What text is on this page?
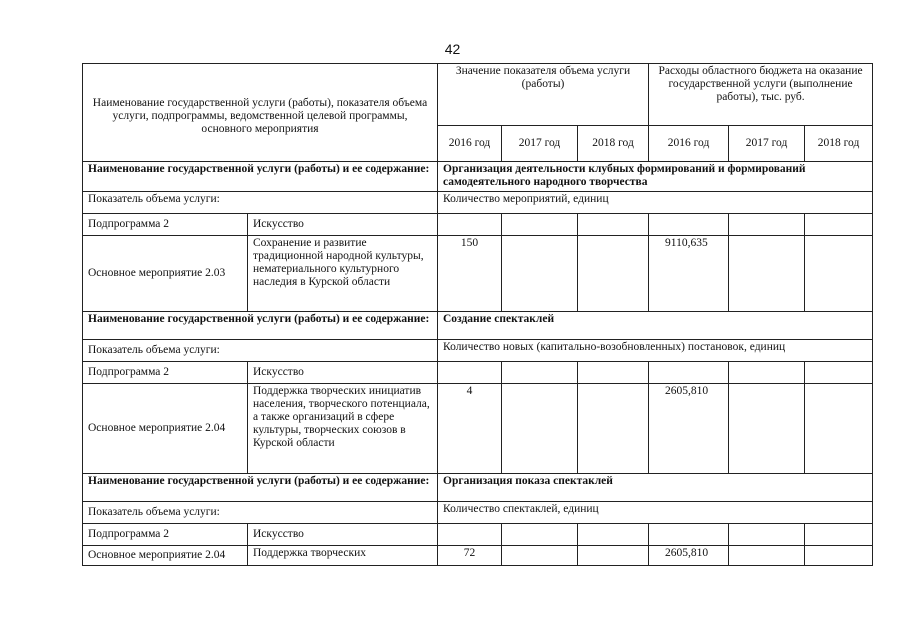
42
Наименование государственной услуги (работы), показателя объема услуги, подпрограммы, ведомственной целевой программы, основного мероприятия		Значение показателя объема услуги (работы)			Расходы областного бюджета на оказание государственной услуги (выполнение работы), тыс. руб.		
		2016 год	2017 год	2018 год	2016 год	2017 год	2018 год
Наименование государственной услуги (работы) и ее содержание:		Организация деятельности клубных формирований и формирований самодеятельного народного творчества					
Показатель объема услуги:		Количество мероприятий, единиц					
Подпрограмма 2	Искусство						
Основное мероприятие 2.03	Сохранение и развитие традиционной народной культуры, нематериального культурного наследия в Курской области	150			9110,635		
Наименование государственной услуги (работы) и ее содержание:		Создание спектаклей					
Показатель объема услуги:		Количество новых (капитально-возобновленных) постановок, единиц					
Подпрограмма 2	Искусство						
Основное мероприятие 2.04	Поддержка творческих инициатив населения, творческого потенциала, а также организаций в сфере культуры, творческих союзов в Курской области	4			2605,810		
Наименование государственной услуги (работы) и ее содержание:		Организация показа спектаклей					
Показатель объема услуги:		Количество спектаклей, единиц					
Подпрограмма 2	Искусство						
Основное мероприятие 2.04	Поддержка творческих	72			2605,810		
